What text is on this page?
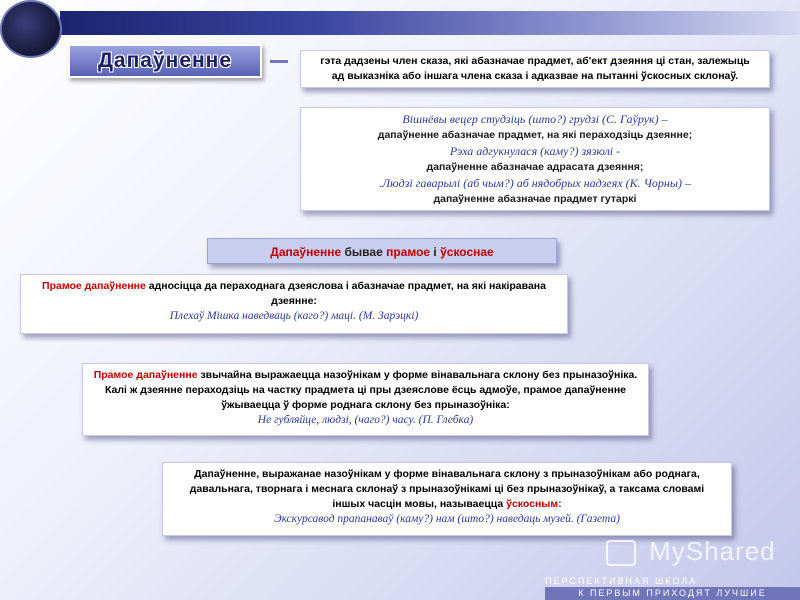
Дапаўненне	гэта дадзены член сказа, які абазначае прадмет, аб'ект дзеяння ці стан, залежыць
ад выказніка або іншага члена сказа і адказвае на пытанні ўскосных склонаў.
Вішнёвы вецер студзіць (што?) грудзі (С. Гаўрук) –
дапаўненне абазначае прадмет, на які пераходзіць дзеянне;
Рэха адгукнулася (каму?) зязюлі -
дапаўненне абазначае адрасата дзеяння;
.Людзі гаварылі (аб чым?) аб нядобрых надзеях (К. Чорны) –
дапаўненне абазначае прадмет гутаркі
Дапаўненне бывае прамое і ўскоснае
Прамое дапаўненне адносіцца да пераходнага дзеяслова і абазначае прадмет, на які накіравана дзеянне:
Плехаў Мішка наведваць (каго?) маці. (М. Зарэцкі)
Прамое дапаўненне звычайна выражаецца назоўнікам у форме вінавальнага склону без прыназоўніка. Калі ж дзеянне пераходзіць на частку прадмета ці пры дзеяслове ёсць адмоўе, прамое дапаўненне ўжываецца ў форме роднага склону без прыназоўніка:
Не губляйце, людзі, (чаго?) часу. (П. Глебка)
Дапаўненне, выражанае назоўнікам у форме вінавальнага склону з прыназоўнікам або роднага, давальнага, творнага і меснага склонаў з прыназоўнікамі ці без прыназоўнікаў, а таксама словамі іншых часцін мовы, называецца ўскосным:
Экскурсавод прапанаваў (каму?) нам (што?) наведаць музей. (Газета)
MyShared
ПЕРСПЕКТИВНАЯ ШКОЛА
К ПЕРВЫМ ПРИХОДЯТ ЛУЧШИЕ
